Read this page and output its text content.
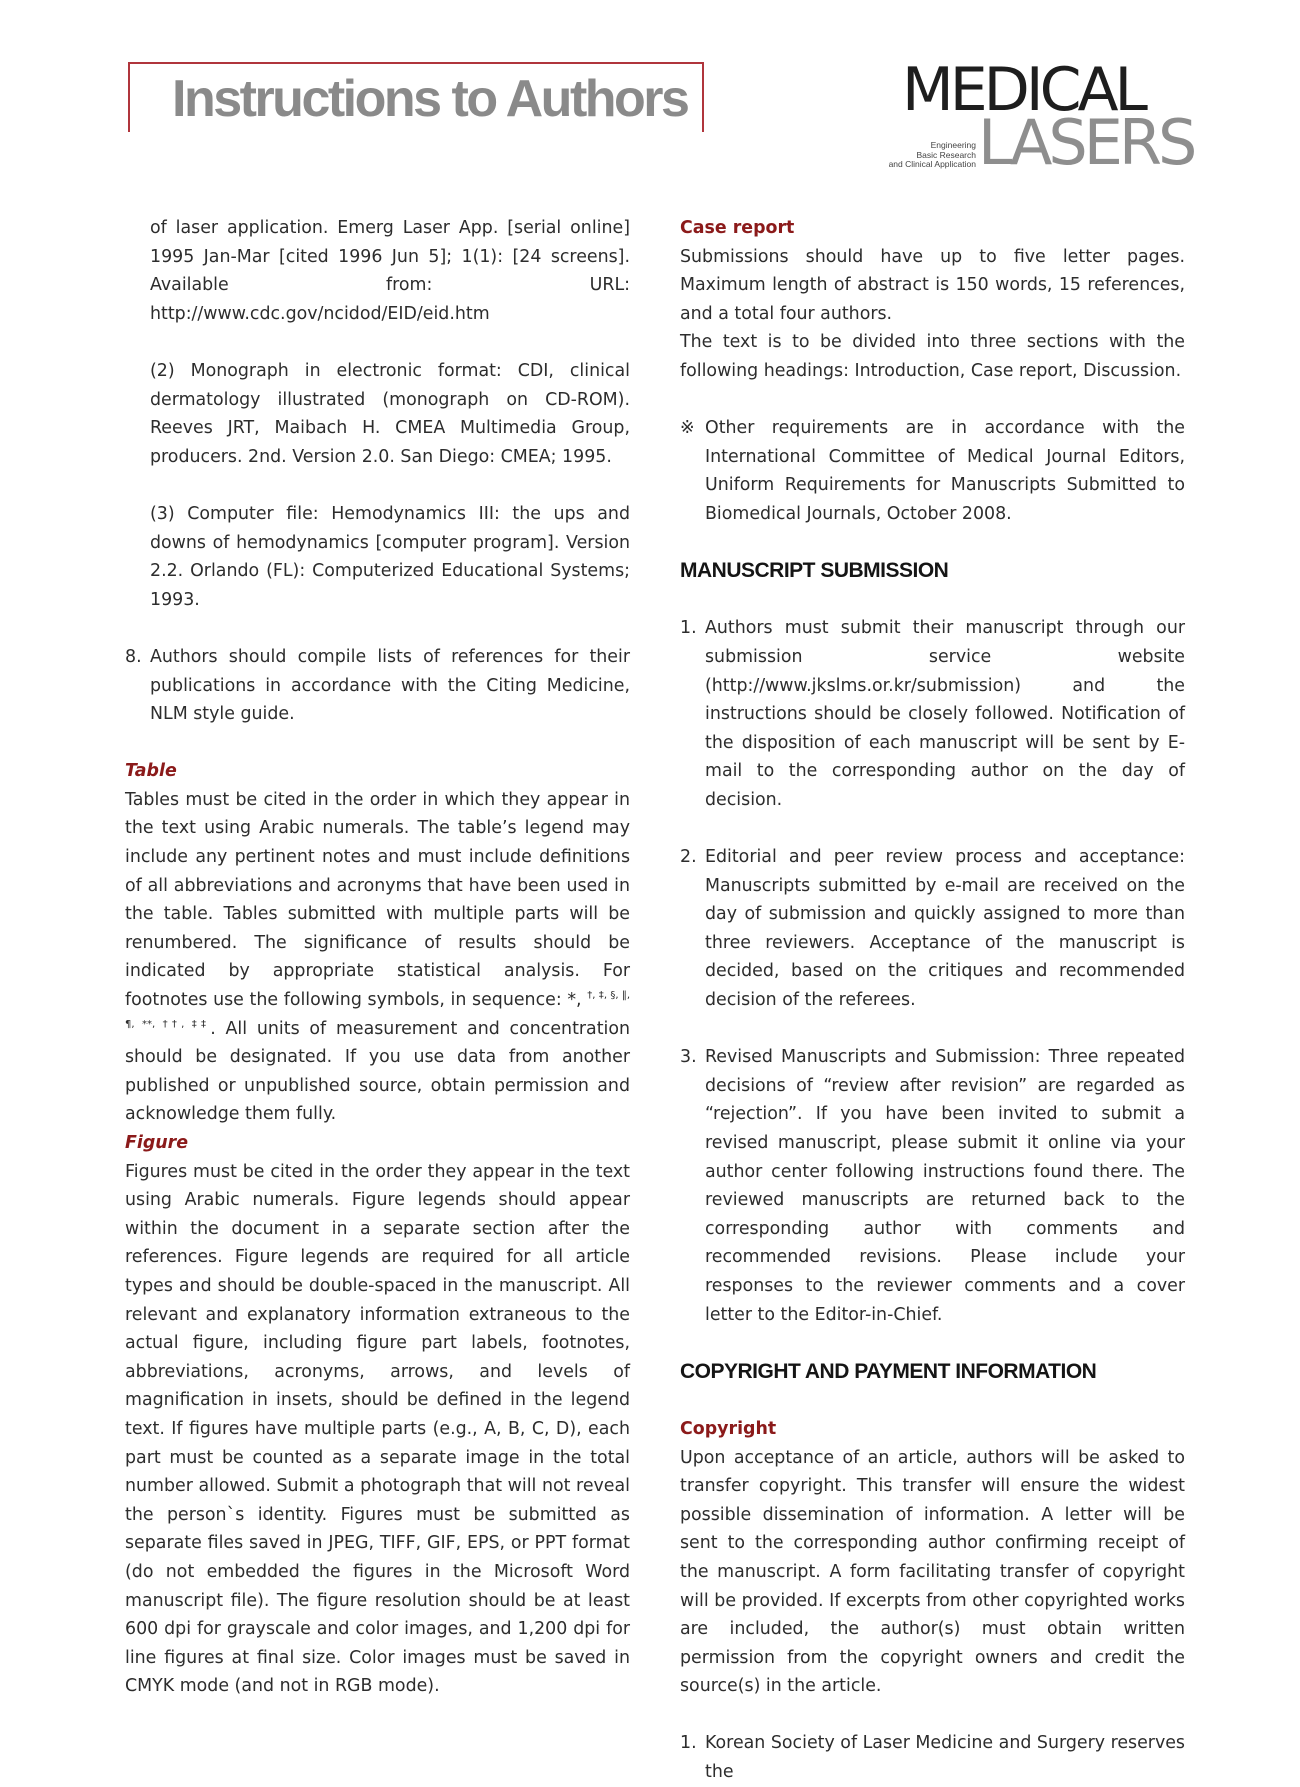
Instructions to Authors	MEDICAL
Engineering
Basic Research
and Clinical Application LASERS

of laser application. Emerg Laser App. [serial online] 1995 Jan-Mar [cited 1996 Jun 5]; 1(1): [24 screens]. Available from: URL: http://www.cdc.gov/ncidod/EID/eid.htm

(2) Monograph in electronic format: CDI, clinical dermatology illustrated (monograph on CD-ROM). Reeves JRT, Maibach H. CMEA Multimedia Group, producers. 2nd. Version 2.0. San Diego: CMEA; 1995.

(3) Computer file: Hemodynamics III: the ups and downs of hemodynamics [computer program]. Version 2.2. Orlando (FL): Computerized Educational Systems; 1993.

8. Authors should compile lists of references for their publications in accordance with the Citing Medicine, NLM style guide.

Table

Tables must be cited in the order in which they appear in the text using Arabic numerals. The table’s legend may include any pertinent notes and must include definitions of all abbreviations and acronyms that have been used in the table. Tables submitted with multiple parts will be renumbered. The significance of results should be indicated by appropriate statistical analysis. For footnotes use the following symbols, in sequence: *, †, ‡, §, ‖, ¶, **, ††, ‡‡. All units of measurement and concentration should be designated. If you use data from another published or unpublished source, obtain permission and acknowledge them fully.

Figure

Figures must be cited in the order they appear in the text using Arabic numerals. Figure legends should appear within the document in a separate section after the references. Figure legends are required for all article types and should be double-spaced in the manuscript. All relevant and explanatory information extraneous to the actual figure, including figure part labels, footnotes, abbreviations, acronyms, arrows, and levels of magnification in insets, should be defined in the legend text. If figures have multiple parts (e.g., A, B, C, D), each part must be counted as a separate image in the total number allowed. Submit a photograph that will not reveal the person`s identity. Figures must be submitted as separate files saved in JPEG, TIFF, GIF, EPS, or PPT format (do not embedded the figures in the Microsoft Word manuscript file). The figure resolution should be at least 600 dpi for grayscale and color images, and 1,200 dpi for line figures at final size. Color images must be saved in CMYK mode (and not in RGB mode).

Case report

Submissions should have up to five letter pages. Maximum length of abstract is 150 words, 15 references, and a total four authors.

The text is to be divided into three sections with the following headings: Introduction, Case report, Discussion.

※ Other requirements are in accordance with the International Committee of Medical Journal Editors, Uniform Requirements for Manuscripts Submitted to Biomedical Journals, October 2008.

MANUSCRIPT SUBMISSION
1. Authors must submit their manuscript through our submission service website (http://www.jkslms.or.kr/submission) and the instructions should be closely followed. Notification of the disposition of each manuscript will be sent by E-mail to the corresponding author on the day of decision.

2. Editorial and peer review process and acceptance: Manuscripts submitted by e-mail are received on the day of submission and quickly assigned to more than three reviewers. Acceptance of the manuscript is decided, based on the critiques and recommended decision of the referees.

3. Revised Manuscripts and Submission: Three repeated decisions of “review after revision” are regarded as “rejection”. If you have been invited to submit a revised manuscript, please submit it online via your author center following instructions found there. The reviewed manuscripts are returned back to the corresponding author with comments and recommended revisions. Please include your responses to the reviewer comments and a cover letter to the Editor-in-Chief.

COPYRIGHT AND PAYMENT INFORMATION
Copyright

Upon acceptance of an article, authors will be asked to transfer copyright. This transfer will ensure the widest possible dissemination of information. A letter will be sent to the corresponding author confirming receipt of the manuscript. A form facilitating transfer of copyright will be provided. If excerpts from other copyrighted works are included, the author(s) must obtain written permission from the copyright owners and credit the source(s) in the article.

1. Korean Society of Laser Medicine and Surgery reserves the
